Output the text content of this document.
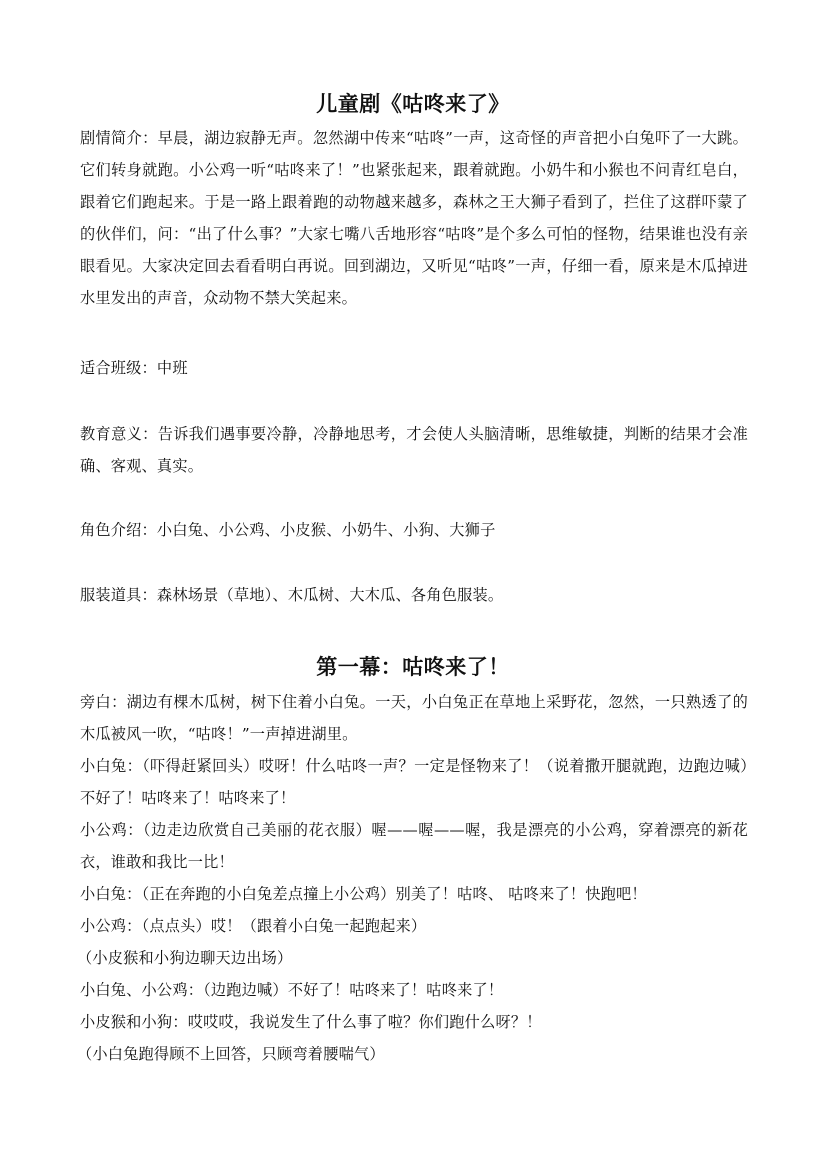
儿童剧《咕咚来了》

剧情简介：早晨，湖边寂静无声。忽然湖中传来“咕咚”一声，这奇怪的声音把小白兔吓了一大跳。它们转身就跑。小公鸡一听“咕咚来了！”也紧张起来，跟着就跑。小奶牛和小猴也不问青红皂白，跟着它们跑起来。于是一路上跟着跑的动物越来越多，森林之王大狮子看到了，拦住了这群吓蒙了的伙伴们，问：“出了什么事？”大家七嘴八舌地形容“咕咚”是个多么可怕的怪物，结果谁也没有亲眼看见。大家决定回去看看明白再说。回到湖边，又听见“咕咚”一声，仔细一看，原来是木瓜掉进水里发出的声音，众动物不禁大笑起来。

适合班级：中班

教育意义：告诉我们遇事要冷静，冷静地思考，才会使人头脑清晰，思维敏捷，判断的结果才会准确、客观、真实。

角色介绍：小白兔、小公鸡、小皮猴、小奶牛、小狗、大狮子

服装道具：森林场景（草地）、木瓜树、大木瓜、各角色服装。

第一幕：咕咚来了！

旁白：湖边有棵木瓜树，树下住着小白兔。一天，小白兔正在草地上采野花，忽然，一只熟透了的木瓜被风一吹，“咕咚！”一声掉进湖里。

小白兔：（吓得赶紧回头）哎呀！什么咕咚一声？一定是怪物来了！（说着撒开腿就跑，边跑边喊）不好了！咕咚来了！咕咚来了！

小公鸡：（边走边欣赏自己美丽的花衣服）喔——喔——喔，我是漂亮的小公鸡，穿着漂亮的新花衣，谁敢和我比一比！

小白兔：（正在奔跑的小白兔差点撞上小公鸡）别美了！咕咚、 咕咚来了！快跑吧！

小公鸡：（点点头）哎！（跟着小白兔一起跑起来）

（小皮猴和小狗边聊天边出场）

小白兔、小公鸡：（边跑边喊）不好了！咕咚来了！咕咚来了！

小皮猴和小狗：哎哎哎，我说发生了什么事了啦？你们跑什么呀？！

（小白兔跑得顾不上回答，只顾弯着腰喘气）
